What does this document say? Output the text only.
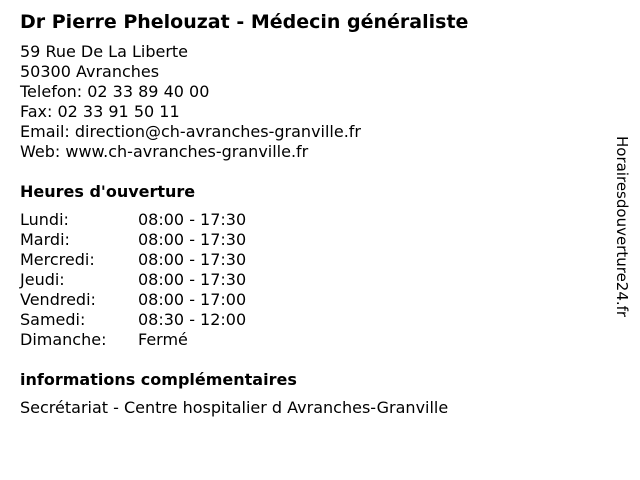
Dr Pierre Phelouzat - Médecin généraliste
59 Rue De La Liberte
50300 Avranches
Telefon: 02 33 89 40 00
Fax: 02 33 91 50 11
Email: direction@ch-avranches-granville.fr
Web: www.ch-avranches-granville.fr
Heures d'ouverture
Lundi:	08:00 - 17:30
Mardi:	08:00 - 17:30
Mercredi:	08:00 - 17:30
Jeudi:	08:00 - 17:30
Vendredi:	08:00 - 17:00
Samedi:	08:30 - 12:00
Dimanche:	Fermé
informations complémentaires
Secrétariat - Centre hospitalier d Avranches-Granville
Horairesdouverture24.fr
